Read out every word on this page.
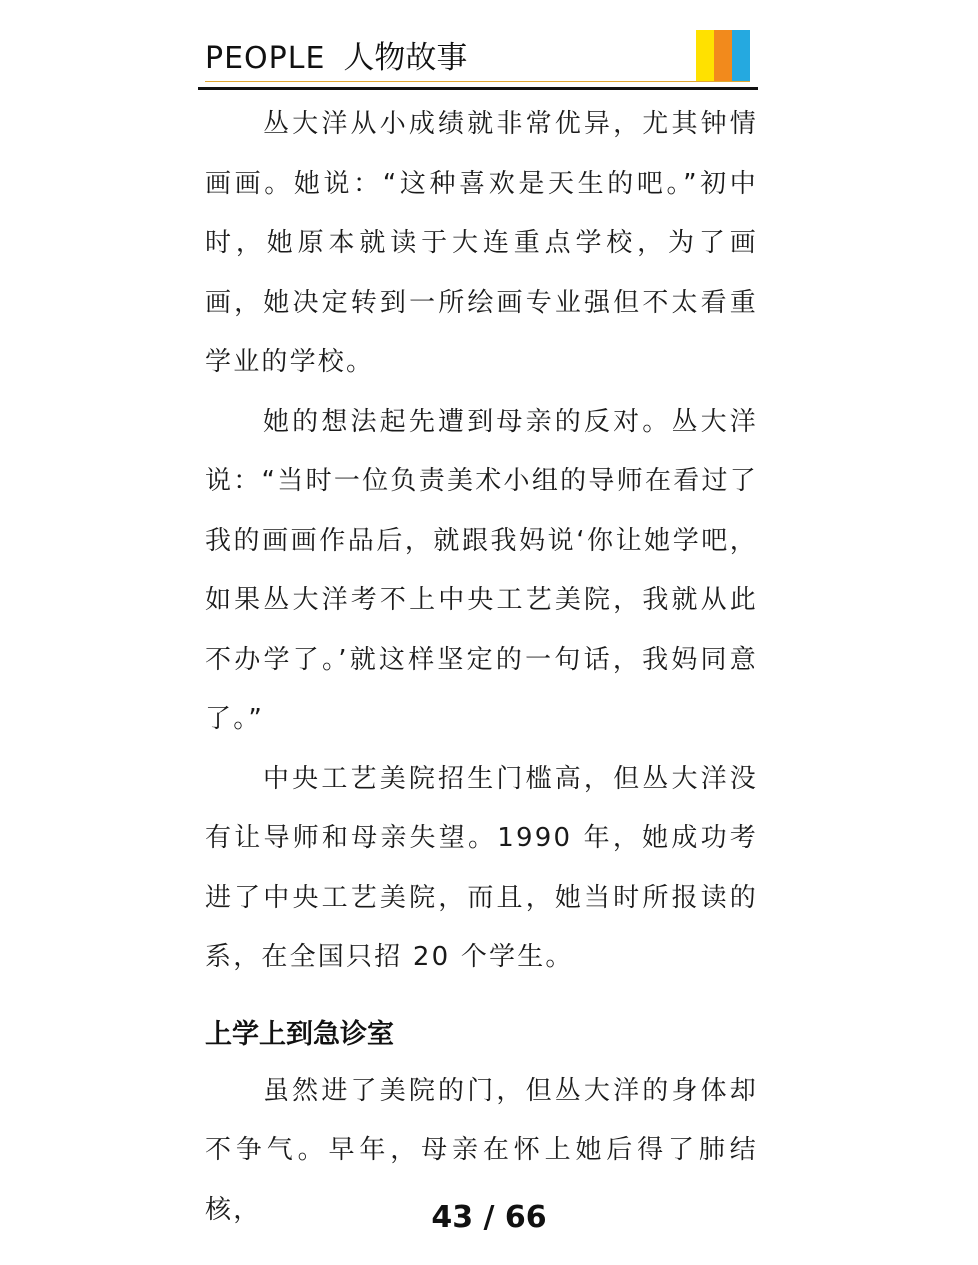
PEOPLE 人物故事

丛大洋从小成绩就非常优异，尤其钟情画画。她说：“这种喜欢是天生的吧。”初中时，她原本就读于大连重点学校，为了画画，她决定转到一所绘画专业强但不太看重学业的学校。

她的想法起先遭到母亲的反对。丛大洋说：“当时一位负责美术小组的导师在看过了我的画画作品后，就跟我妈说‘你让她学吧，如果丛大洋考不上中央工艺美院，我就从此不办学了。’就这样坚定的一句话，我妈同意了。”

中央工艺美院招生门槛高，但丛大洋没有让导师和母亲失望。1990 年，她成功考进了中央工艺美院，而且，她当时所报读的系，在全国只招 20 个学生。

上学上到急诊室

虽然进了美院的门，但丛大洋的身体却不争气。早年，母亲在怀上她后得了肺结核，	43 / 66
